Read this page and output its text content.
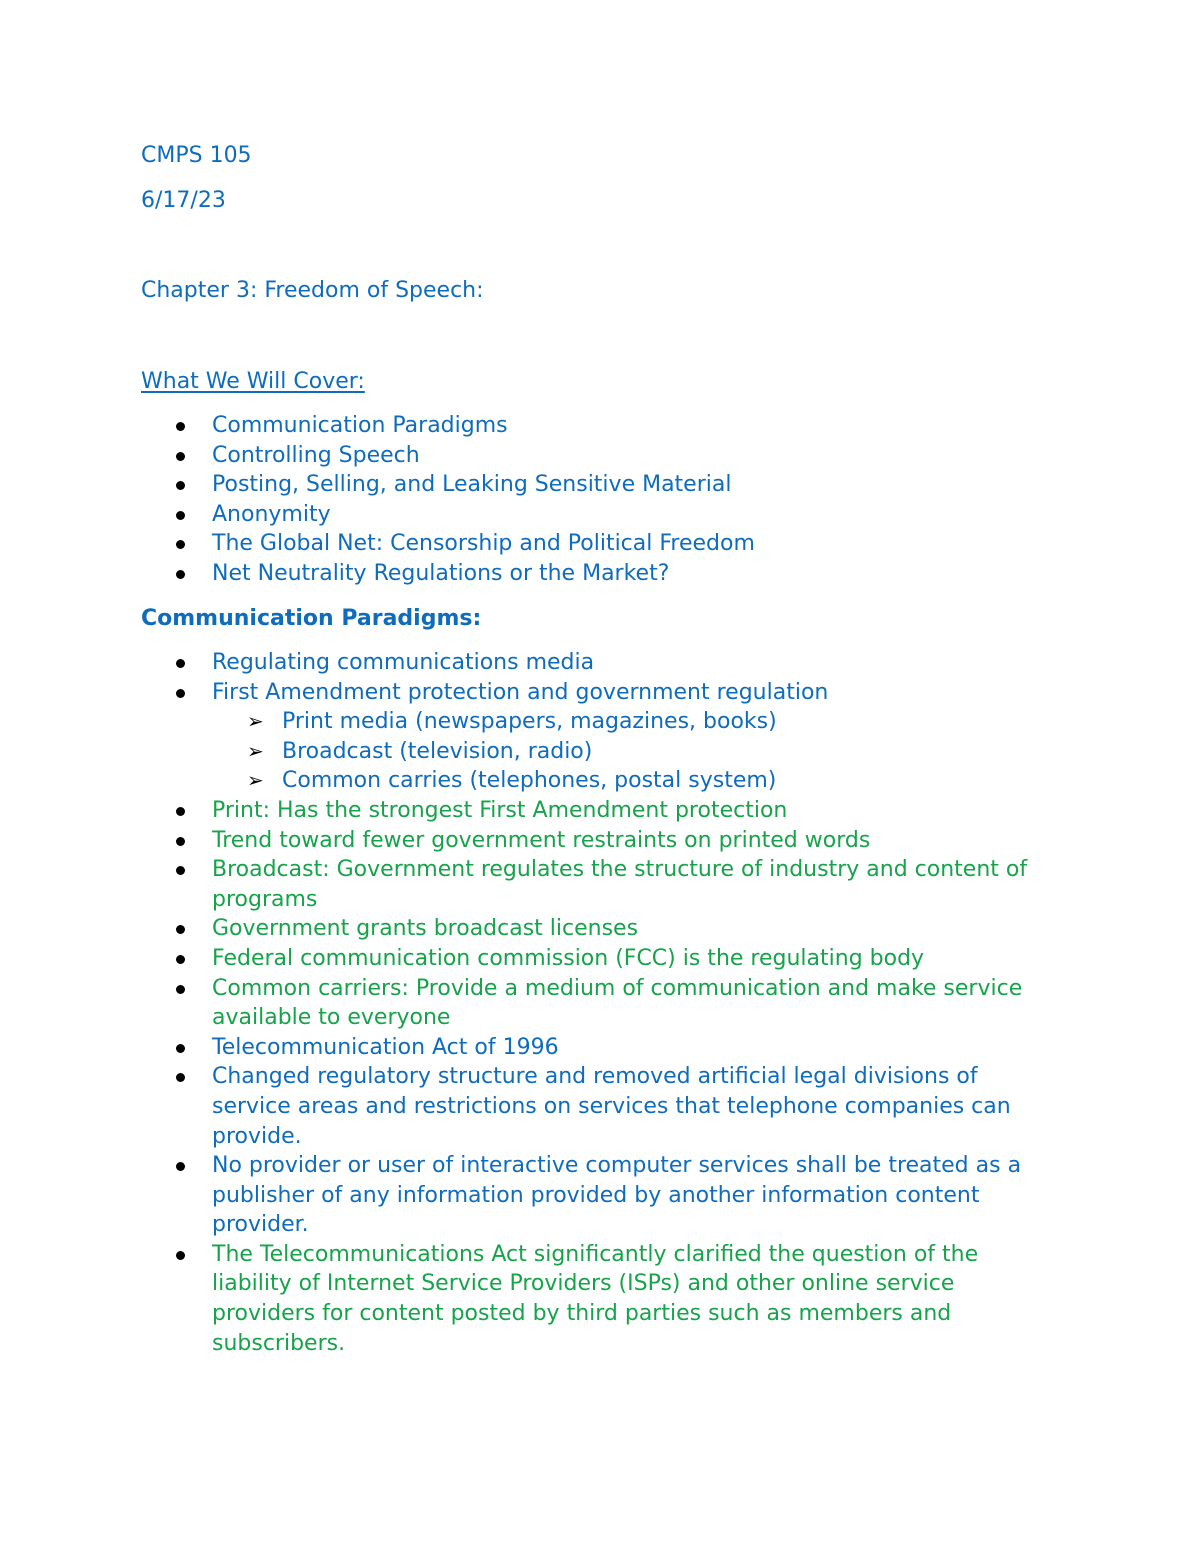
CMPS 105

6/17/23

Chapter 3: Freedom of Speech:

What We Will Cover:

Communication Paradigms
Controlling Speech
Posting, Selling, and Leaking Sensitive Material
Anonymity
The Global Net: Censorship and Political Freedom
Net Neutrality Regulations or the Market?

Communication Paradigms:

Regulating communications media
First Amendment protection and government regulation
➢ Print media (newspapers, magazines, books)
➢ Broadcast (television, radio)
➢ Common carries (telephones, postal system)
Print: Has the strongest First Amendment protection
Trend toward fewer government restraints on printed words
Broadcast: Government regulates the structure of industry and content of programs
Government grants broadcast licenses
Federal communication commission (FCC) is the regulating body
Common carriers: Provide a medium of communication and make service available to everyone
Telecommunication Act of 1996
Changed regulatory structure and removed artificial legal divisions of service areas and restrictions on services that telephone companies can provide.
No provider or user of interactive computer services shall be treated as a publisher of any information provided by another information content provider.
The Telecommunications Act significantly clarified the question of the liability of Internet Service Providers (ISPs) and other online service providers for content posted by third parties such as members and subscribers.
